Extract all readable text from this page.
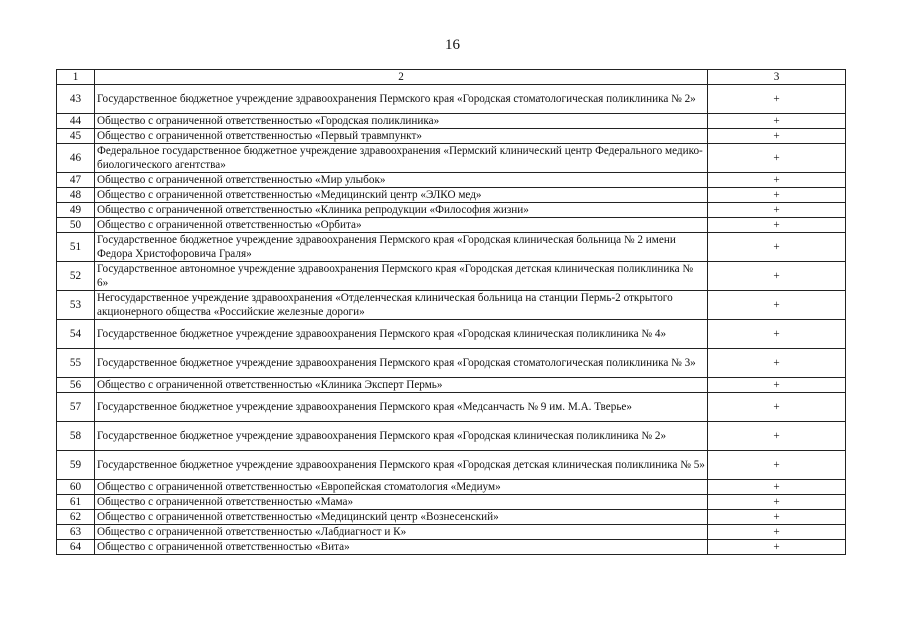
16
1	2	3
43	Государственное бюджетное учреждение здравоохранения Пермского края «Городская стоматологическая поликлиника № 2»	+
44	Общество с ограниченной ответственностью «Городская поликлиника»	+
45	Общество с ограниченной ответственностью «Первый травмпункт»	+
46	Федеральное государственное бюджетное учреждение здравоохранения «Пермский клинический центр Федерального медико-биологического агентства»	+
47	Общество с ограниченной ответственностью «Мир улыбок»	+
48	Общество с ограниченной ответственностью «Медицинский центр «ЭЛКО мед»	+
49	Общество с ограниченной ответственностью «Клиника репродукции «Философия жизни»	+
50	Общество с ограниченной ответственностью «Орбита»	+
51	Государственное бюджетное учреждение здравоохранения Пермского края «Городская клиническая больница № 2 имени Федора Христофоровича Граля»	+
52	Государственное автономное учреждение здравоохранения Пермского края «Городская детская клиническая поликлиника № 6»	+
53	Негосударственное учреждение здравоохранения «Отделенческая клиническая больница на станции Пермь-2 открытого акционерного общества «Российские железные дороги»	+
54	Государственное бюджетное учреждение здравоохранения Пермского края «Городская клиническая поликлиника № 4»	+
55	Государственное бюджетное учреждение здравоохранения Пермского края «Городская стоматологическая поликлиника № 3»	+
56	Общество с ограниченной ответственностью «Клиника Эксперт Пермь»	+
57	Государственное бюджетное учреждение здравоохранения Пермского края «Медсанчасть № 9 им. М.А. Тверье»	+
58	Государственное бюджетное учреждение здравоохранения Пермского края «Городская клиническая поликлиника № 2»	+
59	Государственное бюджетное учреждение здравоохранения Пермского края «Городская детская клиническая поликлиника № 5»	+
60	Общество с ограниченной ответственностью «Европейская стоматология «Медиум»	+
61	Общество с ограниченной ответственностью «Мама»	+
62	Общество с ограниченной ответственностью «Медицинский центр «Вознесенский»	+
63	Общество с ограниченной ответственностью «Лабдиагност и К»	+
64	Общество с ограниченной ответственностью «Вита»	+
